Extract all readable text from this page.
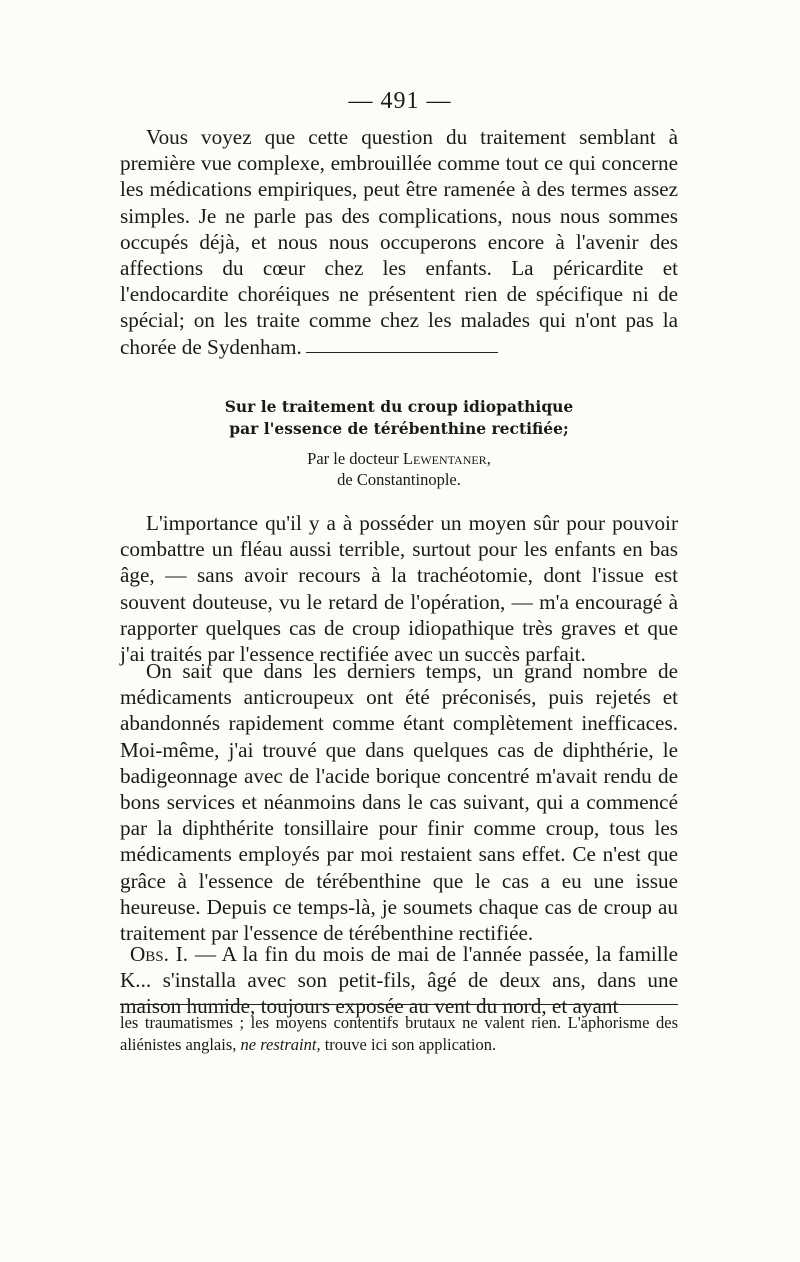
— 491 —

Vous voyez que cette question du traitement semblant à première vue complexe, embrouillée comme tout ce qui concerne les médications empiriques, peut être ramenée à des termes assez simples. Je ne parle pas des complications, nous nous sommes occupés déjà, et nous nous occuperons encore à l'avenir des affections du cœur chez les enfants. La péricardite et l'endocardite choréiques ne présentent rien de spécifique ni de spécial; on les traite comme chez les malades qui n'ont pas la chorée de Sydenham.

Sur le traitement du croup idiopathique

par l'essence de térébenthine rectifiée;

Par le docteur Lewentaner,

de Constantinople.

L'importance qu'il y a à posséder un moyen sûr pour pouvoir combattre un fléau aussi terrible, surtout pour les enfants en bas âge, — sans avoir recours à la trachéotomie, dont l'issue est souvent douteuse, vu le retard de l'opération, — m'a encouragé à rapporter quelques cas de croup idiopathique très graves et que j'ai traités par l'essence rectifiée avec un succès parfait.

On sait que dans les derniers temps, un grand nombre de médicaments anticroupeux ont été préconisés, puis rejetés et abandonnés rapidement comme étant complètement inefficaces. Moi-même, j'ai trouvé que dans quelques cas de diphthérie, le badigeonnage avec de l'acide borique concentré m'avait rendu de bons services et néanmoins dans le cas suivant, qui a commencé par la diphthérite tonsillaire pour finir comme croup, tous les médicaments employés par moi restaient sans effet. Ce n'est que grâce à l'essence de térébenthine que le cas a eu une issue heureuse. Depuis ce temps-là, je soumets chaque cas de croup au traitement par l'essence de térébenthine rectifiée.

Obs. I. — A la fin du mois de mai de l'année passée, la famille K... s'installa avec son petit-fils, âgé de deux ans, dans une maison humide, toujours exposée au vent du nord, et ayant

les traumatismes ; les moyens contentifs brutaux ne valent rien. L'aphorisme des aliénistes anglais, ne restraint, trouve ici son application.
